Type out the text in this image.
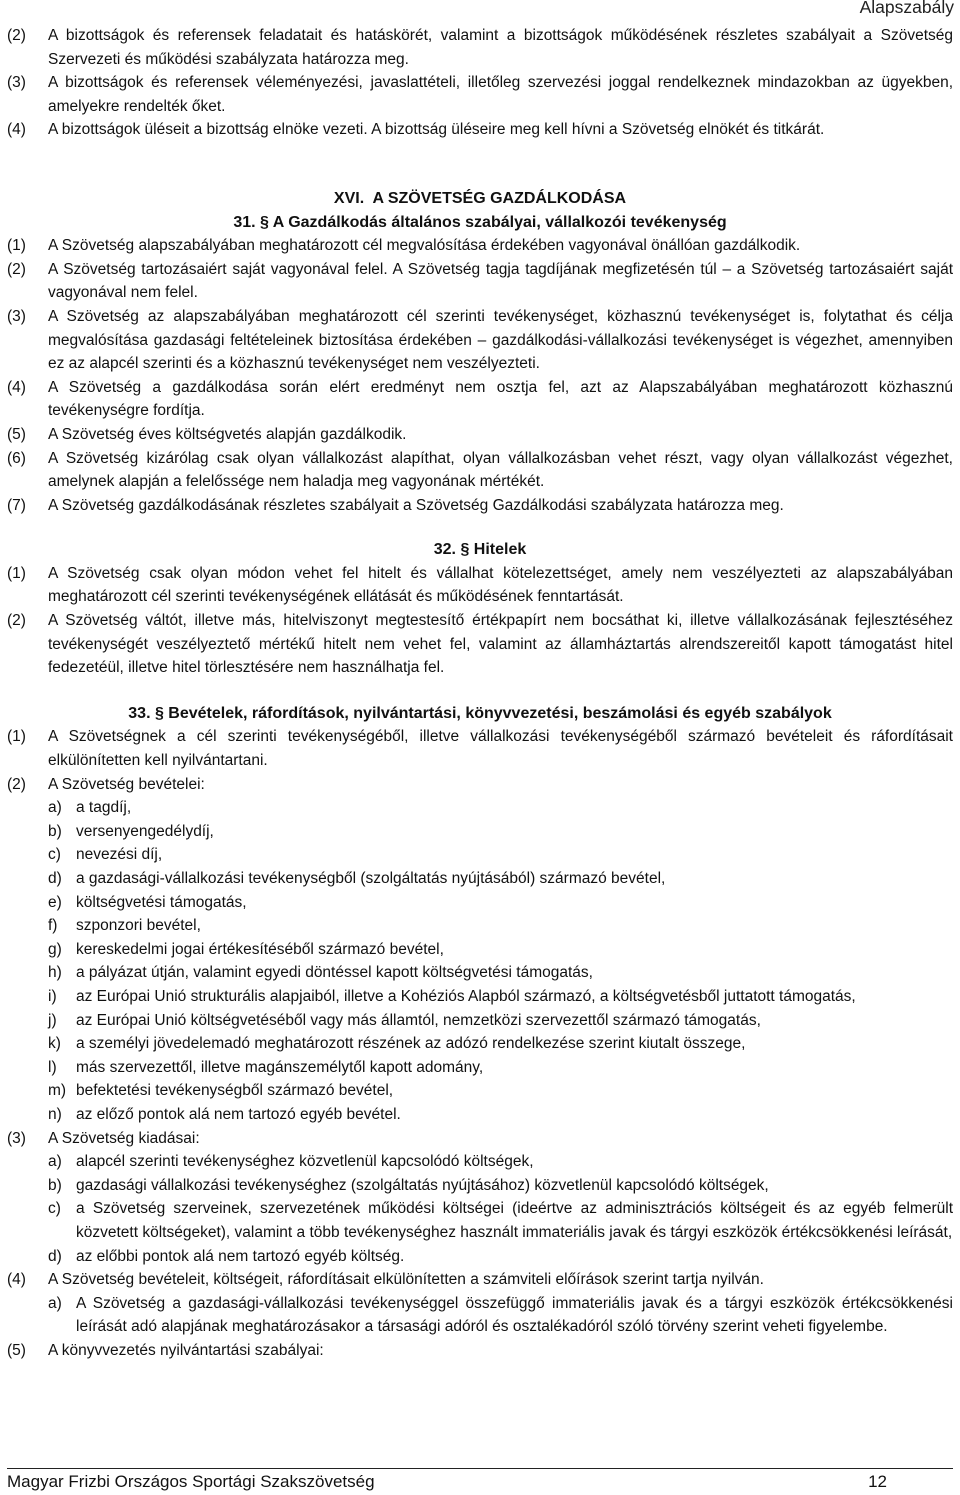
Alapszabály
(2) A bizottságok és referensek feladatait és hatáskörét, valamint a bizottságok működésének részletes szabályait a Szövetség Szervezeti és működési szabályzata határozza meg.
(3) A bizottságok és referensek véleményezési, javaslattételi, illetőleg szervezési joggal rendelkeznek mindazokban az ügyekben, amelyekre rendelték őket.
(4) A bizottságok üléseit a bizottság elnöke vezeti. A bizottság üléseire meg kell hívni a Szövetség elnökét és titkárát.
XVI.  A SZÖVETSÉG GAZDÁLKODÁSA
31. § A Gazdálkodás általános szabályai, vállalkozói tevékenység
(1) A Szövetség alapszabályában meghatározott cél megvalósítása érdekében vagyonával önállóan gazdálkodik.
(2) A Szövetség tartozásaiért saját vagyonával felel. A Szövetség tagja tagdíjának megfizetésén túl – a Szövetség tartozásaiért saját vagyonával nem felel.
(3) A Szövetség az alapszabályában meghatározott cél szerinti tevékenységet, közhasznú tevékenységet is, folytathat és célja megvalósítása gazdasági feltételeinek biztosítása érdekében – gazdálkodási-vállalkozási tevékenységet is végezhet, amennyiben ez az alapcél szerinti és a közhasznú tevékenységet nem veszélyezteti.
(4) A Szövetség a gazdálkodása során elért eredményt nem osztja fel, azt az Alapszabályában meghatározott közhasznú tevékenységre fordítja.
(5) A Szövetség éves költségvetés alapján gazdálkodik.
(6) A Szövetség kizárólag csak olyan vállalkozást alapíthat, olyan vállalkozásban vehet részt, vagy olyan vállalkozást végezhet, amelynek alapján a felelőssége nem haladja meg vagyonának mértékét.
(7) A Szövetség gazdálkodásának részletes szabályait a Szövetség Gazdálkodási szabályzata határozza meg.
32. § Hitelek
(1) A Szövetség csak olyan módon vehet fel hitelt és vállalhat kötelezettséget, amely nem veszélyezteti az alapszabályában meghatározott cél szerinti tevékenységének ellátását és működésének fenntartását.
(2) A Szövetség váltót, illetve más, hitelviszonyt megtestesítő értékpapírt nem bocsáthat ki, illetve vállalkozásának fejlesztéséhez tevékenységét veszélyeztető mértékű hitelt nem vehet fel, valamint az államháztartás alrendszereitől kapott támogatást hitel fedezetéül, illetve hitel törlesztésére nem használhatja fel.
33. § Bevételek, ráfordítások, nyilvántartási, könyvvezetési, beszámolási és egyéb szabályok
(1) A Szövetségnek a cél szerinti tevékenységéből, illetve vállalkozási tevékenységéből származó bevételeit és ráfordításait elkülönítetten kell nyilvántartani.
(2) A Szövetség bevételei:
a) a tagdíj,
b) versenyengedélydíj,
c) nevezési díj,
d) a gazdasági-vállalkozási tevékenységből (szolgáltatás nyújtásából) származó bevétel,
e) költségvetési támogatás,
f) szponzori bevétel,
g) kereskedelmi jogai értékesítéséből származó bevétel,
h) a pályázat útján, valamint egyedi döntéssel kapott költségvetési támogatás,
i) az Európai Unió strukturális alapjaiból, illetve a Kohéziós Alapból származó, a költségvetésből juttatott támogatás,
j) az Európai Unió költségvetéséből vagy más államtól, nemzetközi szervezettől származó támogatás,
k) a személyi jövedelemadó meghatározott részének az adózó rendelkezése szerint kiutalt összege,
l) más szervezettől, illetve magánszemélytől kapott adomány,
m) befektetési tevékenységből származó bevétel,
n) az előző pontok alá nem tartozó egyéb bevétel.
(3) A Szövetség kiadásai:
a) alapcél szerinti tevékenységhez közvetlenül kapcsolódó költségek,
b) gazdasági vállalkozási tevékenységhez (szolgáltatás nyújtásához) közvetlenül kapcsolódó költségek,
c) a Szövetség szerveinek, szervezetének működési költségei (ideértve az adminisztrációs költségeit és az egyéb felmerült közvetett költségeket), valamint a több tevékenységhez használt immateriális javak és tárgyi eszközök értékcsökkenési leírását,
d) az előbbi pontok alá nem tartozó egyéb költség.
(4) A Szövetség bevételeit, költségeit, ráfordításait elkülönítetten a számviteli előírások szerint tartja nyilván.
a) A Szövetség a gazdasági-vállalkozási tevékenységgel összefüggő immateriális javak és a tárgyi eszközök értékcsökkenési leírását adó alapjának meghatározásakor a társasági adóról és osztalékadóról szóló törvény szerint veheti figyelembe.
(5) A könyvvezetés nyilvántartási szabályai:
Magyar Frizbi Országos Sportági Szakszövetség	12
